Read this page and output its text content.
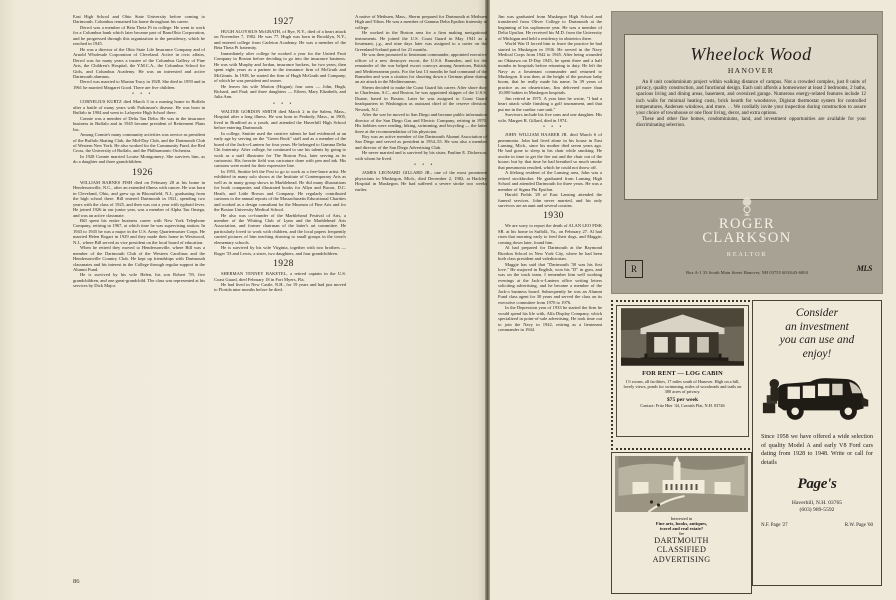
East High School and Ohio State University before coming to Dartmouth. Columbus remained his home throughout his career.

Derrol was a member of Beta Theta Pi in college. He went to work for a Columbus bank which later became part of BancOhio Corporation, and he progressed through this organization to the presidency, which he reached in 1945.

He was a director of the Ohio State Life Insurance Company and of Arnold Wholesale Corporation of Cleveland. Active in civic affairs, Derrol was for many years a trustee of the Columbus Gallery of Fine Arts, the Children's Hospital, the Y.M.C.A., the Columbus School for Girls, and Columbus Academy. He was an interested and active Dartmouth alumnus.

Derrol was married to Marian Tracy in 1928. She died in 1959 and in 1961 he married Margaret Good. There are five children.

• • •

CORNELIUS KURTZ died March 3 in a nursing home in Buffalo after a battle of many years with Parkinson's disease. He was born in Buffalo in 1904 and went to Lafayette High School there.

Connie was a member of Delta Tau Delta. He was in the insurance business in Buffalo and in 1945 became president of Retirement Plans Inc.

Among Connie's many community activities was service as president of the Buffalo Skating Club, the Mid-Day Club, and the Dartmouth Club of Western New York. He also worked for the Community Fund, the Red Cross, the University of Buffalo, and the Philharmonic Orchestra.

In 1928 Connie married Louise Montgomery. She survives him, as do a daughter and three grandchildren.

1926

WILLIAM BARNES FISH died on February 28 at his home in Hendersonville, N.C., after an extended illness with cancer. He was born in Cleveland, Ohio, and grew up in Bloomfield, N.J., graduating from the high school there. Bill entered Dartmouth in 1921, spending two years with the class of 1925, and then was out a year with typhoid fever. He joined 1926 in our junior year, was a member of Alpha Tau Omega, and was an active classmate.

Bill spent his entire business career with New York Telephone Company, retiring in 1967, at which time he was supervising station. In 1943 to 1945 he was a major in the U.S. Army Quartermaster Corps. He married Helen Bogart in 1929 and they made their home in Westwood, N.J., where Bill served as vice president on the local board of education.

When he retired they moved to Hendersonville, where Bill was a member of the Dartmouth Club of the Western Carolinas and the Hendersonville Country Club. He kept up friendships with Dartmouth classmates and his interest in the College through regular support in the Alumni Fund.

He is survived by his wife Helen, his son Robert '59, five grandchildren, and one great-grandchild. The class was represented at his services by Dick Major.

1927

HUGH ALOYSIUS McGRATH, of Rye, N.Y., died of a heart attack on November 7, 1982. He was 77. Hugh was born in Brooklyn, N.Y., and entered college from Carleton Academy. He was a member of the Beta Theta Pi fraternity.

Immediately after college he worked a year for the United Fruit Company in Boston before deciding to go into the insurance business. He was with Murphy and Jordan, insurance brokers, for two years, then spent eight years as a partner in the insurance firm of McGrath and McGinnis. In 1938, he started the firm of Hugh McGrath and Company, of which he was president and owner.

He leaves his wife Marion (Hogan); four sons — John, Hugh, Richard, and Paul; and three daughters — Eileen, Mary Elizabeth, and Julia Ann.

• • •

WALTER GORDON SMITH died March 2 in the Salem, Mass., Hospital after a long illness. He was born in Peabody, Mass., in 1905, lived in Bradford as a youth, and attended the Haverhill High School before entering Dartmouth.

In college, Smittie used the creative talents he had evidenced at an early age by serving on the "Green Book" staff and as a member of the board of the Jack-o-Lantern for four years. He belonged to Gamma Delta Chi fraternity. After college, he continued to use his talents by going to work as a staff illustrator for The Boston Post, later serving as its cartoonist. His favorite field was caricature done with pen and ink. His cartoons were noted for their expressive line.

In 1955, Smittie left the Post to go to work as a free-lance artist. He exhibited in many solo shows at the Institute of Contemporary Arts as well as in many group shows in Marblehead. He did many illustrations for book companies and illustrated books for Allyn and Bacon, D.C. Heath, and Little Brown and Company. He regularly contributed cartoons to the annual reports of the Massachusetts Educational Charities and worked as a design consultant for the Museum of Fine Arts and for the Boston University Medical School.

He also was co-founder of the Marblehead Festival of Arts, a member of the Whiting Club of Lynn and the Marblehead Arts Association, and former chairman of the latter's art committee. He particularly loved to work with children, and the local papers frequently carried pictures of him teaching drawing to small groups in the town's elementary schools.

He is survived by his wife Virginia, together with two brothers — Roger '33 and Lewis, a sister, two daughters, and four grandchildren.

1928

SHERMAN TENNEY BAKETEL, a retired captain in the U.S. Coast Guard, died February 18 in Fort Myers, Fla.

He had lived in New Castle, N.H., for 19 years and had just moved to Florida nine months before he died.

A native of Methuen, Mass., Sherm prepared for Dartmouth at Methuen High and Tilton. He was a member of Gamma Delta Epsilon fraternity in college.

He worked in the Boston area for a firm making navigational instruments. He joined the U.S. Coast Guard in May 1941 as a lieutenant, j.g., and nine days later was assigned to a cutter on the Greenland-Iceland patrol for 21 months.

He was then promoted to lieutenant commander, appointed executive officer of a new destroyer escort, the U.S.S. Ramsden, and for the remainder of the war helped escort convoys among American, British, and Mediterranean ports. For the last 13 months he had command of the Ramsden and won a citation for shooting down a German plane during an air attack in the Mediterranean.

Sherm decided to make the Coast Guard his career. After shore duty in Charleston, S.C., and Boston, he was appointed skipper of the U.S.S. Duane, based in Boston. Later he was assigned to Coast Guard headquarters in Washington as assistant chief of the reserve division. Newark, N.J.

After the war he moved to San Diego and became public information director of the San Diego Gas and Electric Company, retiring in 1970. His hobbies were reading, hiking, swimming, and bicycling — the latter three at the recommendation of his physician.

Roy was an active member of the Dartmouth Alumni Association of San Diego and served as president in 1954–55. He was also a member and director of the San Diego Advertising Club.

He never married and is survived by his sister, Pauline E. Dickerson, with whom he lived.

• • •

JAMES LEONARD GILLARD JR., one of the most prominent physicians in Muskegon, Mich., died December 2, 1982, at Hackley Hospital in Muskegon. He had suffered a severe stroke two weeks earlier.

Jim was graduated from Muskegon High School and transferred from Oliver College to Dartmouth at the beginning of his sophomore year. He was a member of Delta Upsilon. He received his M.D. from the University of Michigan and held a residency in obstetrics there.

World War II forced him to leave the practice he had started in Muskegon in 1936. He served in the Navy Medical Corps from 1942 to 1945. After being wounded on Okinawa on D-Day 1945, he spent three and a half months in hospitals before returning to duty. He left the Navy as a lieutenant commander and returned to Muskegon. It was then, at the height of the postwar baby boom, that he really made his name. In 39 years of practice as an obstetrician, Jim delivered more than 10,000 babies in Muskegon hospitals.

Jim retired in 1975. A year later he wrote, "I had a heart attack while finishing a golf tournament, and that put me in the cardiac care unit."

Survivors include his five sons and one daughter. His wife, Margret R. Gillard, died in 1974.

• • •

JOHN WILLIAM HAARER JR. died March 6 of pneumonia. John had lived alone in his house in East Lansing, Mich., since his mother died seven years ago. He had gone to sleep in his chair while smoking. He awoke in time to get the fire out and the chair out of the house; but by that time he had breathed so much smoke that pneumonia resulted, which he could not throw off.

A lifelong resident of the Lansing area, John was a retired stockbroker. He graduated from Lansing High School and attended Dartmouth for three years. He was a member of Sigma Phi Epsilon.

Harold Fields '28 of East Lansing attended the funeral services. John never married, and his only survivors are an aunt and several cousins.

1930

We are sorry to report the death of ALAN LEO FISK SR. at his home in Suffolk, Va., on February 27. Al had risen that morning early to feed their dogs, and Maggie, coming down later, found him.

Al had prepared for Dartmouth at the Raymond Riordon School in New York City, where he had been both class president and valedictorian.

Maggie has said that "Dartmouth '30 was his first love." He majored in English, won his "D" in gym, and was on the track team. I remember him well working evenings at the Jack-o-Lantern office writing letters soliciting advertising, and he became a member of the Jack-o business board. Subsequently he was an Alumni Fund class agent for 30 years and served the class on its executive committee from 1970 to 1976.

In the Depression year of 1933 he started the firm he would spend his life with, Alfa Display Company, which specialized in point-of-sale advertising. He took time out to join the Navy in 1942, retiring as a lieutenant commander in 1944.

86
Wheelock Wood
HANOVER

An 8 unit condominium project within walking distance of campus. Not a crowded complex, just 8 units of privacy, quality construction, and functional design. Each unit affords a homeowner at least 2 bedrooms, 2 baths, spacious living and dining areas, basement, and oversized garage. Numerous energy-related features include 12 inch walls for minimal heating costs, brick hearth for woodstove, Digistat thermostat system for controlled temperatures, Andersen windows, and more. . . We cordially invite your inspection during construction to assure your choice of townhouse or one floor living, decor, and extra options.

These and other fine homes, condominiums, land, and investment opportunities are available for your discriminating selection.

ROGER
CLARKSON
REALTOR
R	Box A-1 33 South Main Street Hanover, NH 03755 603/643-6004	MLS
FOR RENT — LOG CABIN
1½ rooms, all facilities, 17 miles south of Hanover. High on a hill, lovely views, ponds for swimming, miles of woodroads and trails on 380 acres of privacy.
$75 per week
Contact: Fritz Hier '44, Cornish Flat, N.H. 03746
Interested in
Fine arts, books, antiques,
travel and real estate?
See
DARTMOUTH
CLASSIFIED
ADVERTISING
Consider
an investment
you can use and
enjoy!
Since 1958 we have offered a wide selection of quality Model A and early V8 Ford cars dating from 1928 to 1948. Write or call for details
Page's
Haverhill, N.H. 03765
(603) 989-5592
N.F. Page '27	R.W. Page '60
